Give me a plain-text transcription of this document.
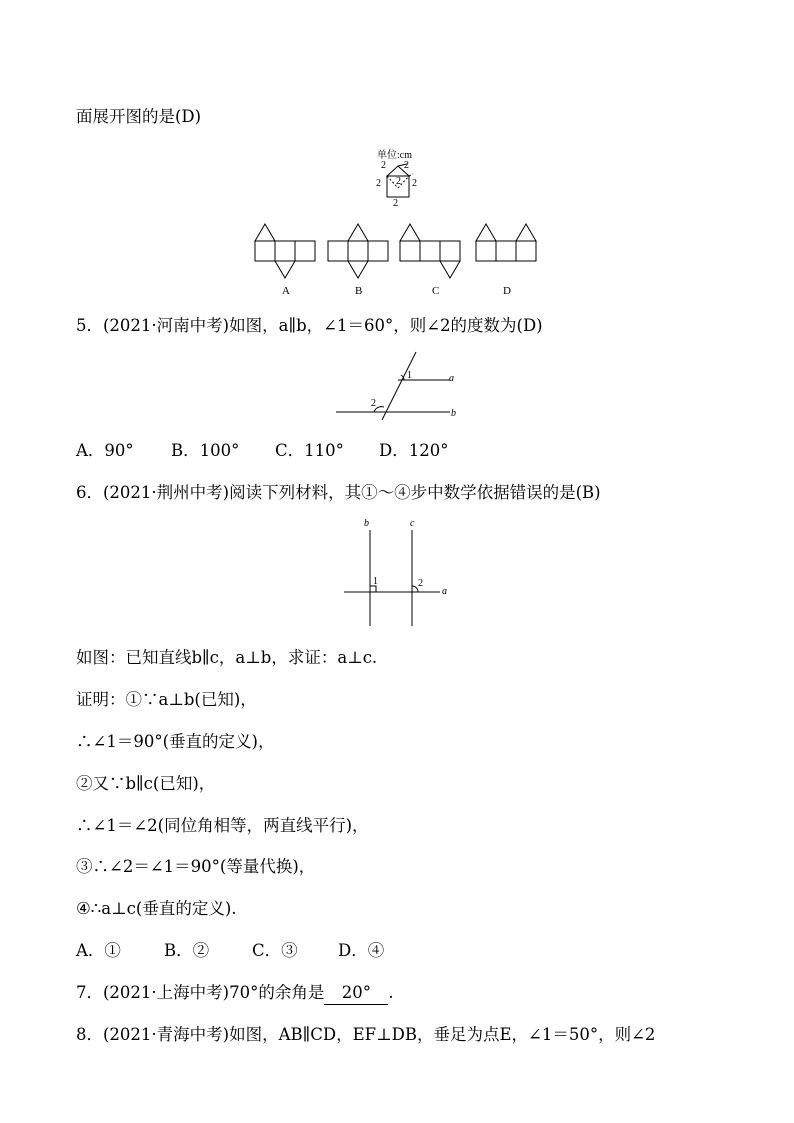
面展开图的是(D)
单位:cm
2 2
2	2
2
2
A	B	C	D
5．(2021·河南中考)如图，a∥b，∠1＝60°，则∠2的度数为(D)
a
b
1
2
A．90° B．100° C．110° D．120°
6．(2021·荆州中考)阅读下列材料，其①～④步中数学依据错误的是(B)
b	c
a
1	2
如图：已知直线b∥c，a⊥b，求证：a⊥c.
证明：①∵a⊥b(已知)，
∴∠1＝90°(垂直的定义)，
②又∵b∥c(已知)，
∴∠1＝∠2(同位角相等，两直线平行)，
③∴∠2＝∠1＝90°(等量代换)，
④∴a⊥c(垂直的定义).
A．①	B．②	C．③ D．④
7．(2021·上海中考)70°的余角是 20° .
8．(2021·青海中考)如图，AB∥CD，EF⊥DB，垂足为点E，∠1＝50°，则∠2
